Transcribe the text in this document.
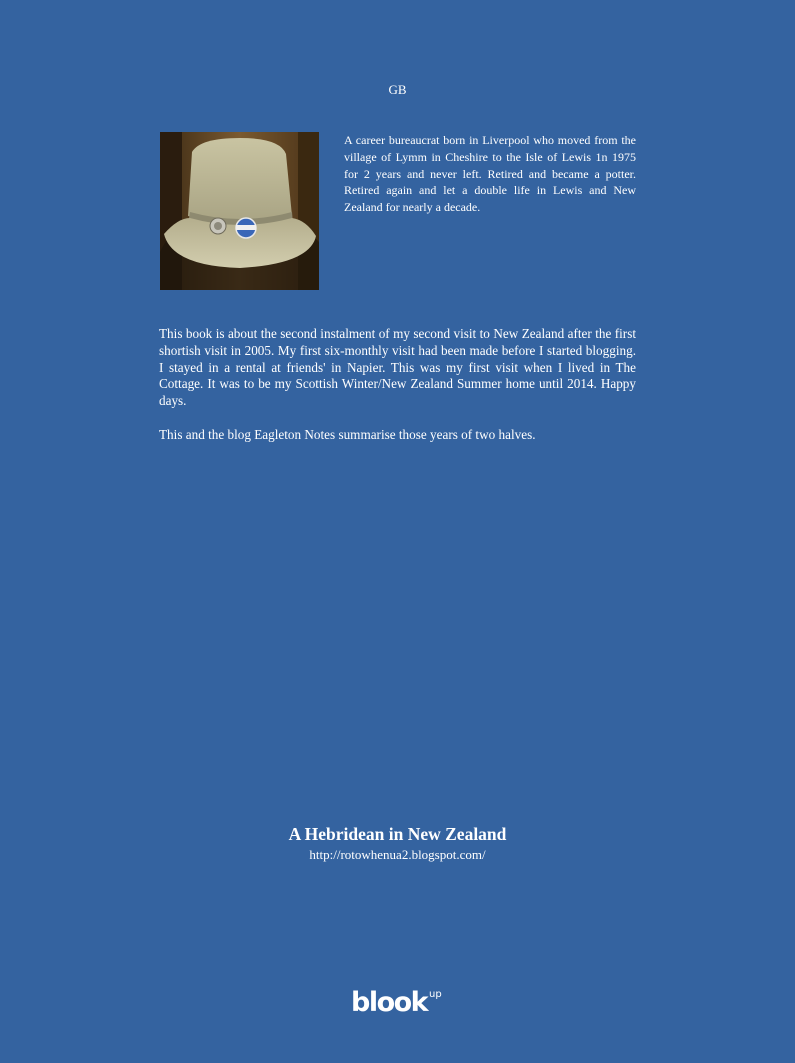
GB

A career bureaucrat born in Liverpool who moved from the village of Lymm in Cheshire to the Isle of Lewis 1n 1975 for 2 years and never left. Retired and became a potter. Retired again and let a double life in Lewis and New Zealand for nearly a decade.

This book is about the second instalment of my second visit to New Zealand after the first shortish visit in 2005. My first six-monthly visit had been made before I started blogging. I stayed in a rental at friends' in Napier. This was my first visit when I lived in The Cottage. It was to be my Scottish Winter/New Zealand Summer home until 2014. Happy days.

This and the blog Eagleton Notes summarise those years of two halves.

A Hebridean in New Zealand
http://rotowhenua2.blogspot.com/
blook up
